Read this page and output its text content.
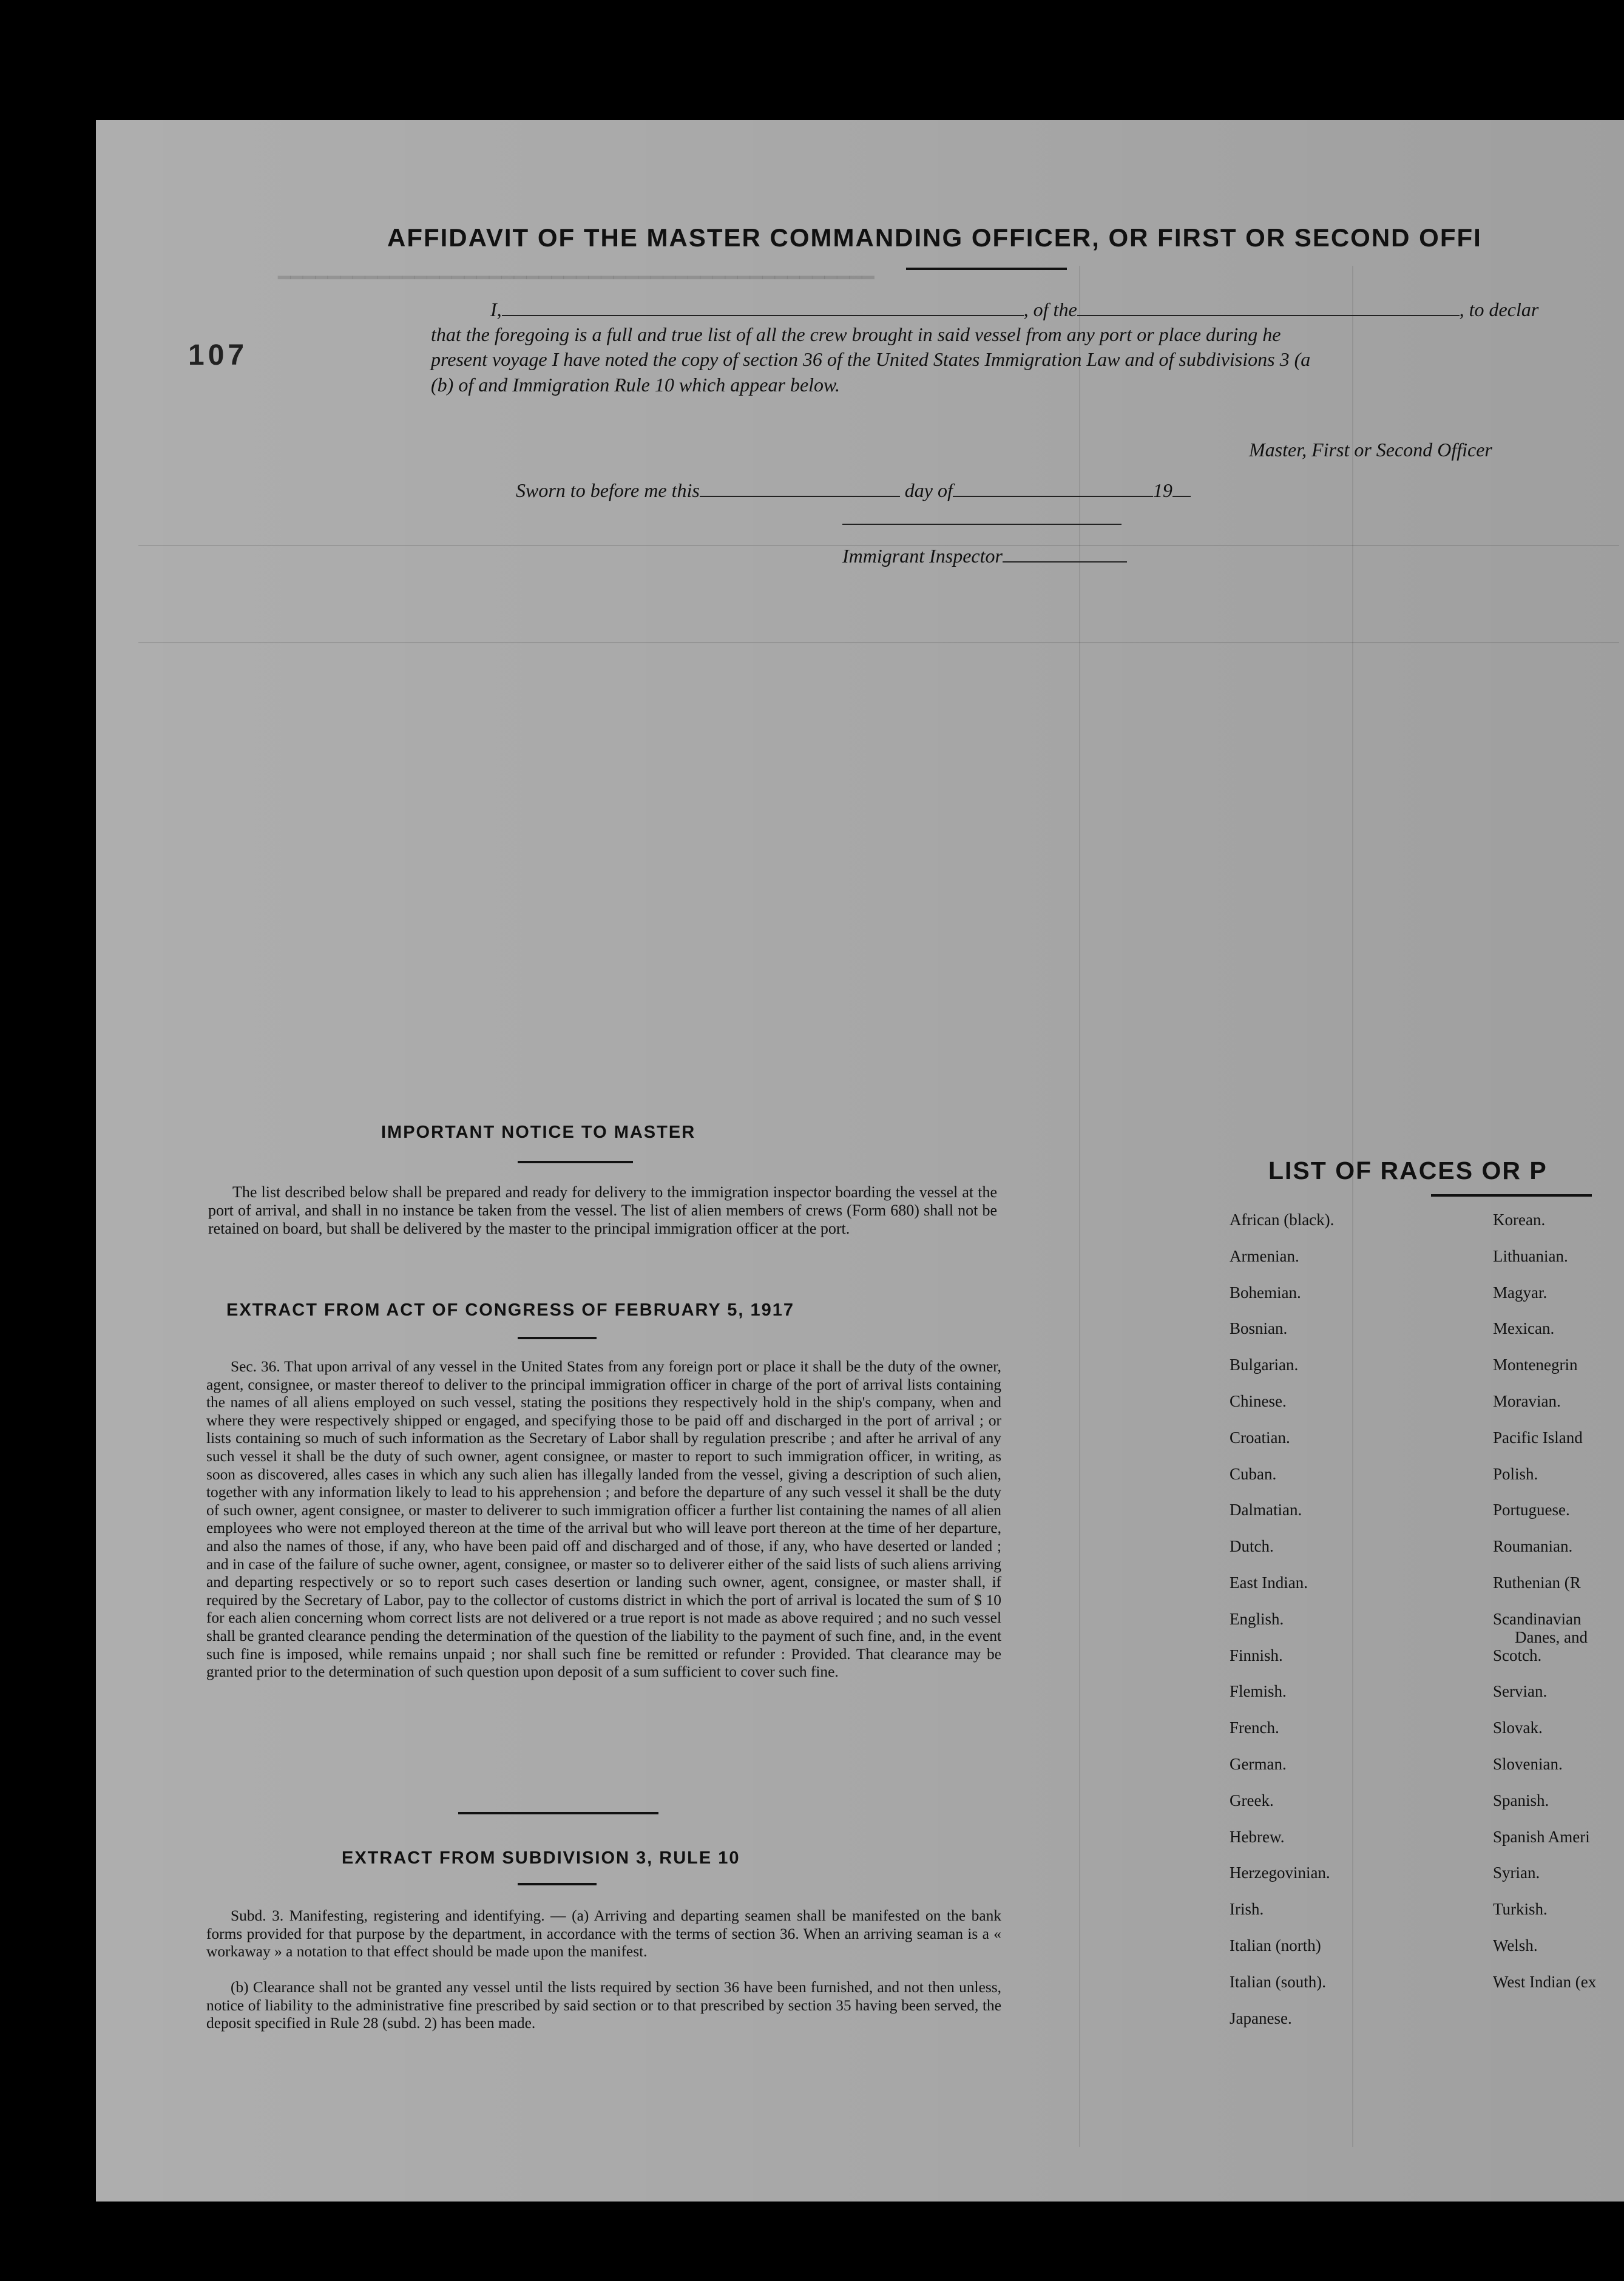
━━━━━━━━━━━━━━━━━━━━━━━━━━━━━━━━━━━━━━━━━━━━━━━━
107
AFFIDAVIT OF THE MASTER COMMANDING OFFICER, OR FIRST OR SECOND OFFI
I,	, of the	, to declar
that the foregoing is a full and true list of all the crew brought in said vessel from any port or place during he
present voyage I have noted the copy of section 36 of the United States Immigration Law and of subdivisions 3 (a
(b) of and Immigration Rule 10 which appear below.
Master, First or Second Officer
Sworn to before me this	day of	19
Immigrant Inspector
IMPORTANT NOTICE TO MASTER
The list described below shall be prepared and ready for delivery to the immigration inspector boarding the vessel at the port of arrival, and shall in no instance be taken from the vessel. The list of alien members of crews (Form 680) shall not be retained on board, but shall be delivered by the master to the principal immigration officer at the port.
EXTRACT FROM ACT OF CONGRESS OF FEBRUARY 5, 1917
Sec. 36. That upon arrival of any vessel in the United States from any foreign port or place it shall be the duty of the owner, agent, consignee, or master thereof to deliver to the principal immigration officer in charge of the port of arrival lists containing the names of all aliens employed on such vessel, stating the positions they respectively hold in the ship's company, when and where they were respectively shipped or engaged, and specifying those to be paid off and discharged in the port of arrival ; or lists containing so much of such information as the Secretary of Labor shall by regulation prescribe ; and after he arrival of any such vessel it shall be the duty of such owner, agent consignee, or master to report to such immigration officer, in writing, as soon as discovered, alles cases in which any such alien has illegally landed from the vessel, giving a description of such alien, together with any information likely to lead to his apprehension ; and before the departure of any such vessel it shall be the duty of such owner, agent consignee, or master to deliverer to such immigration officer a further list containing the names of all alien employees who were not employed thereon at the time of the arrival but who will leave port thereon at the time of her departure, and also the names of those, if any, who have been paid off and discharged and of those, if any, who have deserted or landed ; and in case of the failure of suche owner, agent, consignee, or master so to deliverer either of the said lists of such aliens arriving and departing respectively or so to report such cases desertion or landing such owner, agent, consignee, or master shall, if required by the Secretary of Labor, pay to the collector of customs district in which the port of arrival is located the sum of $ 10 for each alien concerning whom correct lists are not delivered or a true report is not made as above required ; and no such vessel shall be granted clearance pending the determination of the question of the liability to the payment of such fine, and, in the event such fine is imposed, while remains unpaid ; nor shall such fine be remitted or refunder : Provided. That clearance may be granted prior to the determination of such question upon deposit of a sum sufficient to cover such fine.
EXTRACT FROM SUBDIVISION 3, RULE 10
Subd. 3. Manifesting, registering and identifying. — (a) Arriving and departing seamen shall be manifested on the bank forms provided for that purpose by the department, in accordance with the terms of section 36. When an arriving seaman is a « workaway » a notation to that effect should be made upon the manifest.
(b) Clearance shall not be granted any vessel until the lists required by section 36 have been furnished, and not then unless, notice of liability to the administrative fine prescribed by said section or to that prescribed by section 35 having been served, the deposit specified in Rule 28 (subd. 2) has been made.
LIST OF RACES OR P
African (black).
Armenian.
Bohemian.
Bosnian.
Bulgarian.
Chinese.
Croatian.
Cuban.
Dalmatian.
Dutch.
East Indian.
English.
Finnish.
Flemish.
French.
German.
Greek.
Hebrew.
Herzegovinian.
Irish.
Italian (north)
Italian (south).
Japanese.
Korean.
Lithuanian.
Magyar.
Mexican.
Montenegrin
Moravian.
Pacific Island
Polish.
Portuguese.
Roumanian.
Ruthenian (R
Scandinavian
Danes, and
Scotch.
Servian.
Slovak.
Slovenian.
Spanish.
Spanish Ameri
Syrian.
Turkish.
Welsh.
West Indian (ex
